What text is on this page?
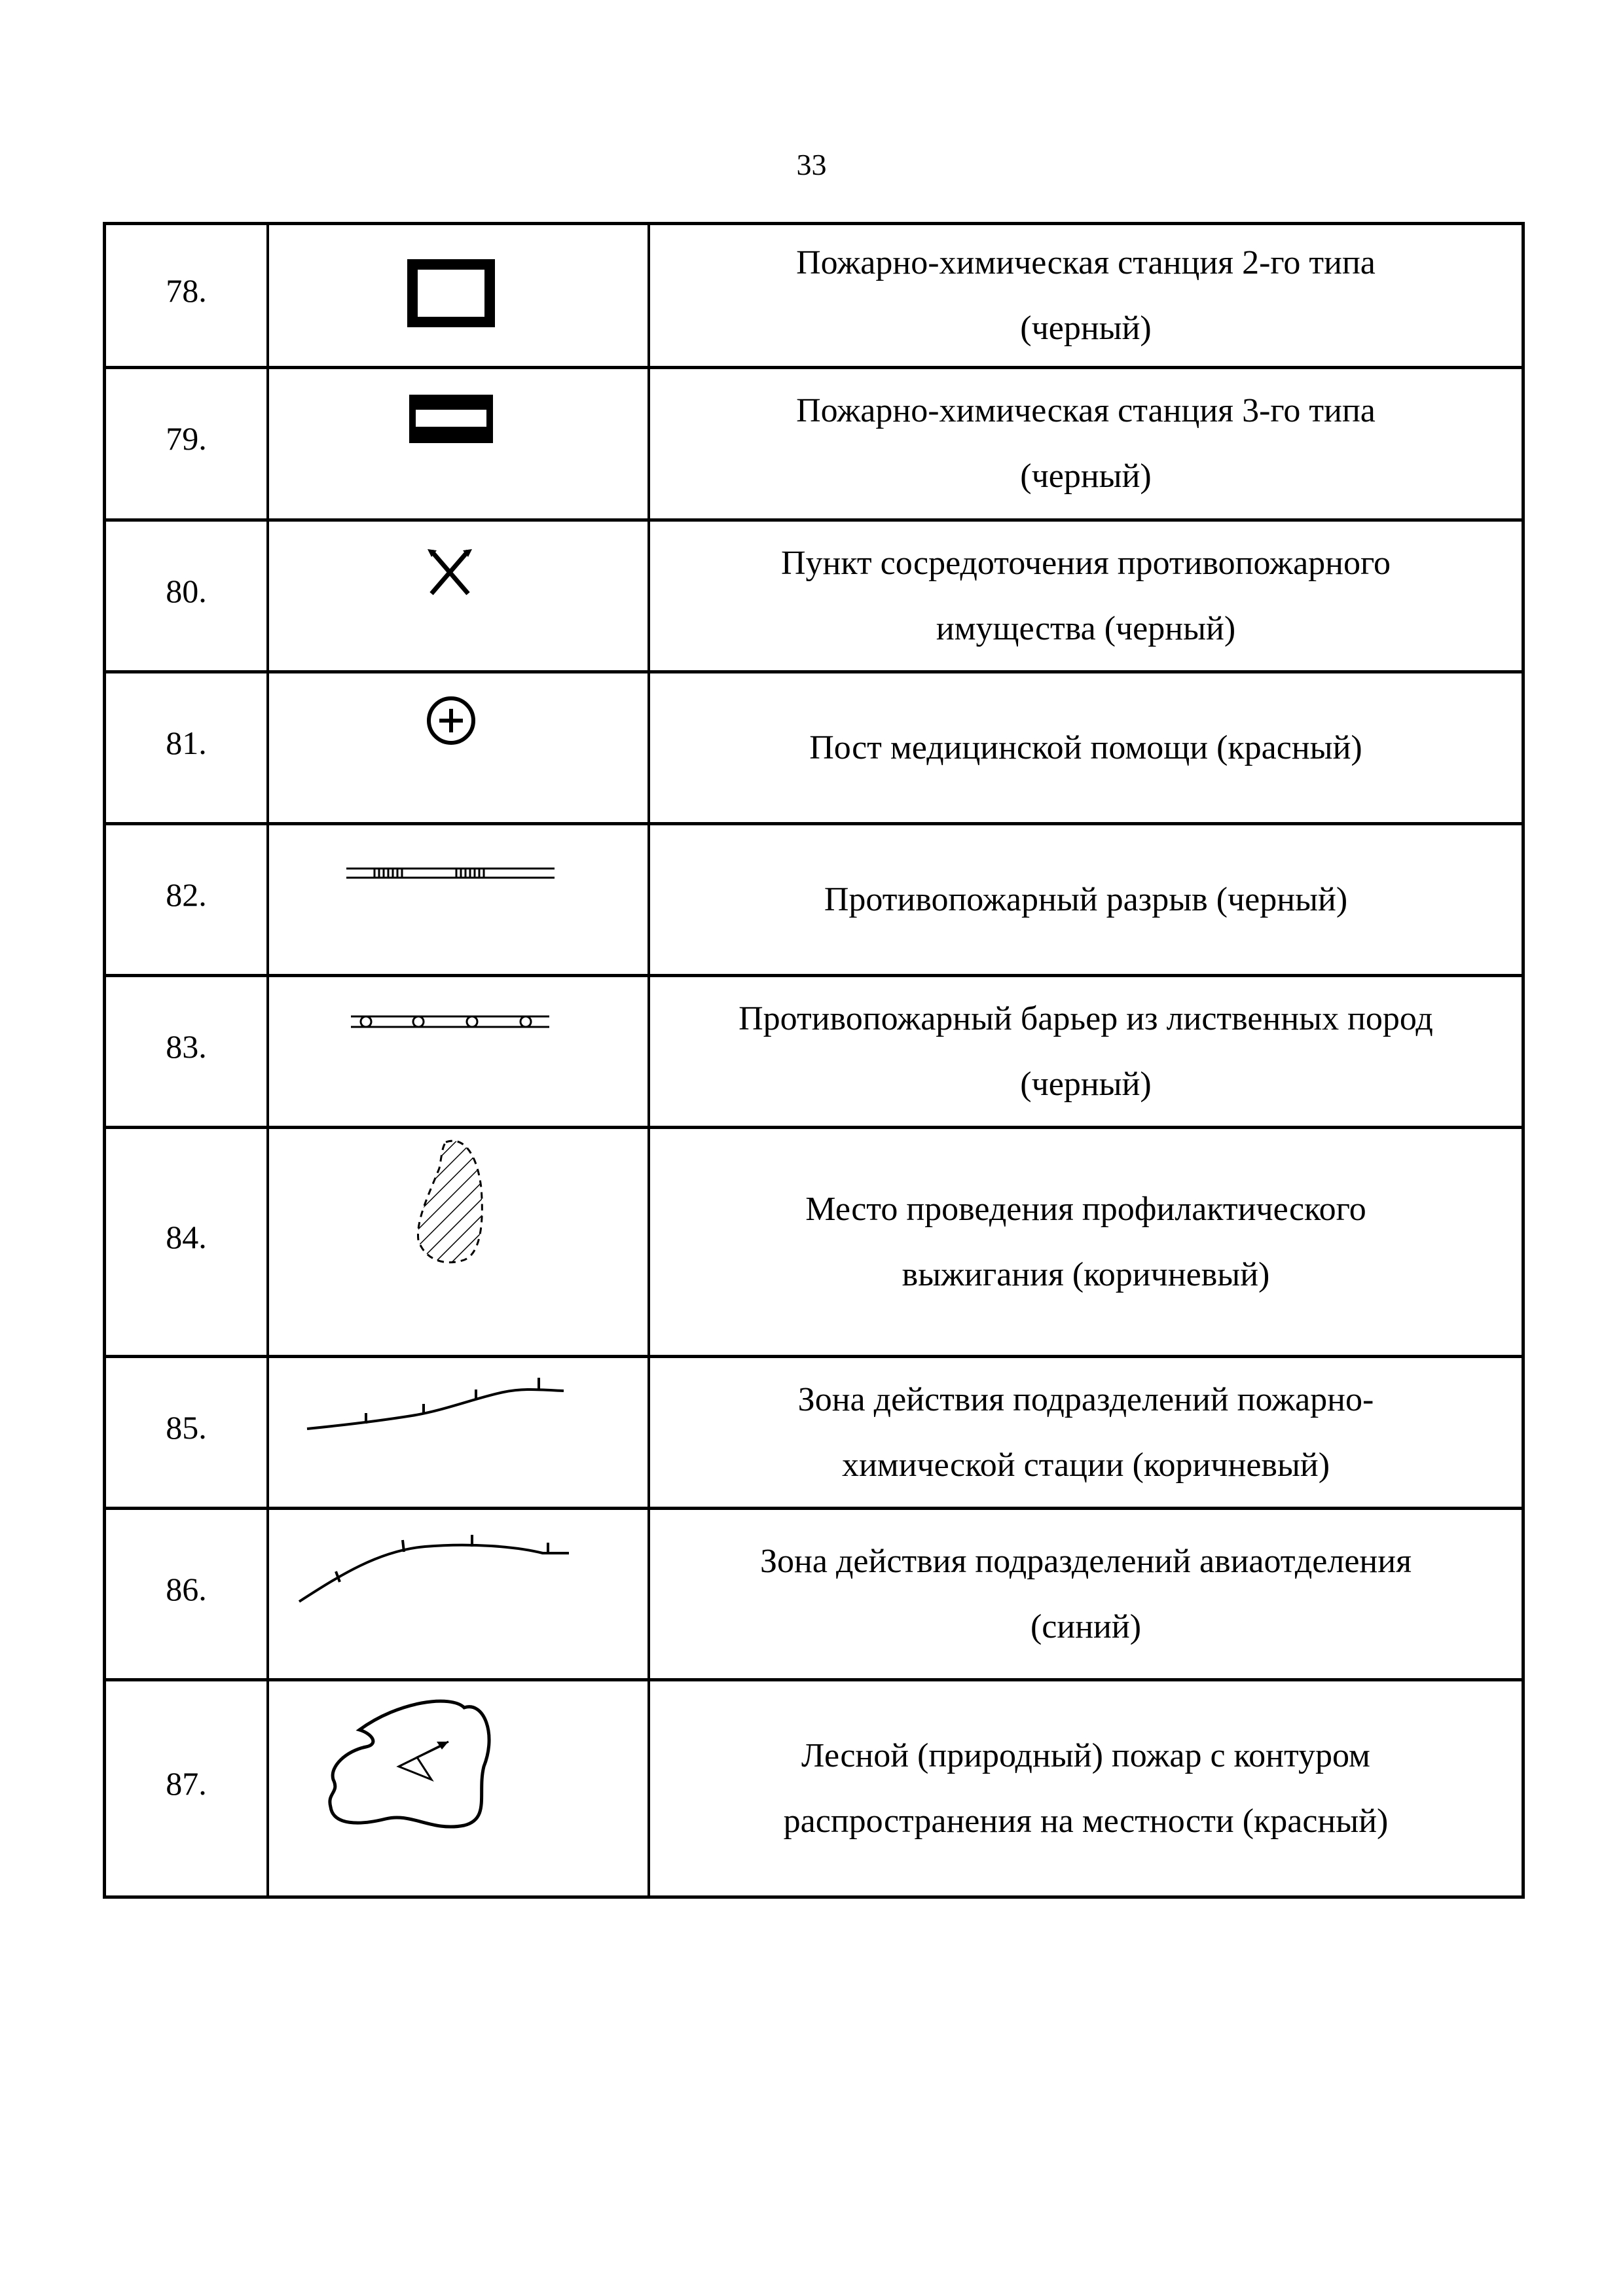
33
78.
Пожарно-химическая станция 2-го типа (черный)
79.
Пожарно-химическая станция 3-го типа (черный)
80.
Пункт сосредоточения противопожарного имущества (черный)
81.	Пост медицинской помощи (красный)
82.	Противопожарный разрыв (черный)
83.
Противопожарный барьер из лиственных пород (черный)
84.
Место проведения профилактического выжигания (коричневый)
85.
Зона действия подразделений пожарно-химической стации (коричневый)
86.
Зона действия подразделений авиаотделения (синий)
87.
Лесной (природный) пожар с контуром распространения на местности (красный)
